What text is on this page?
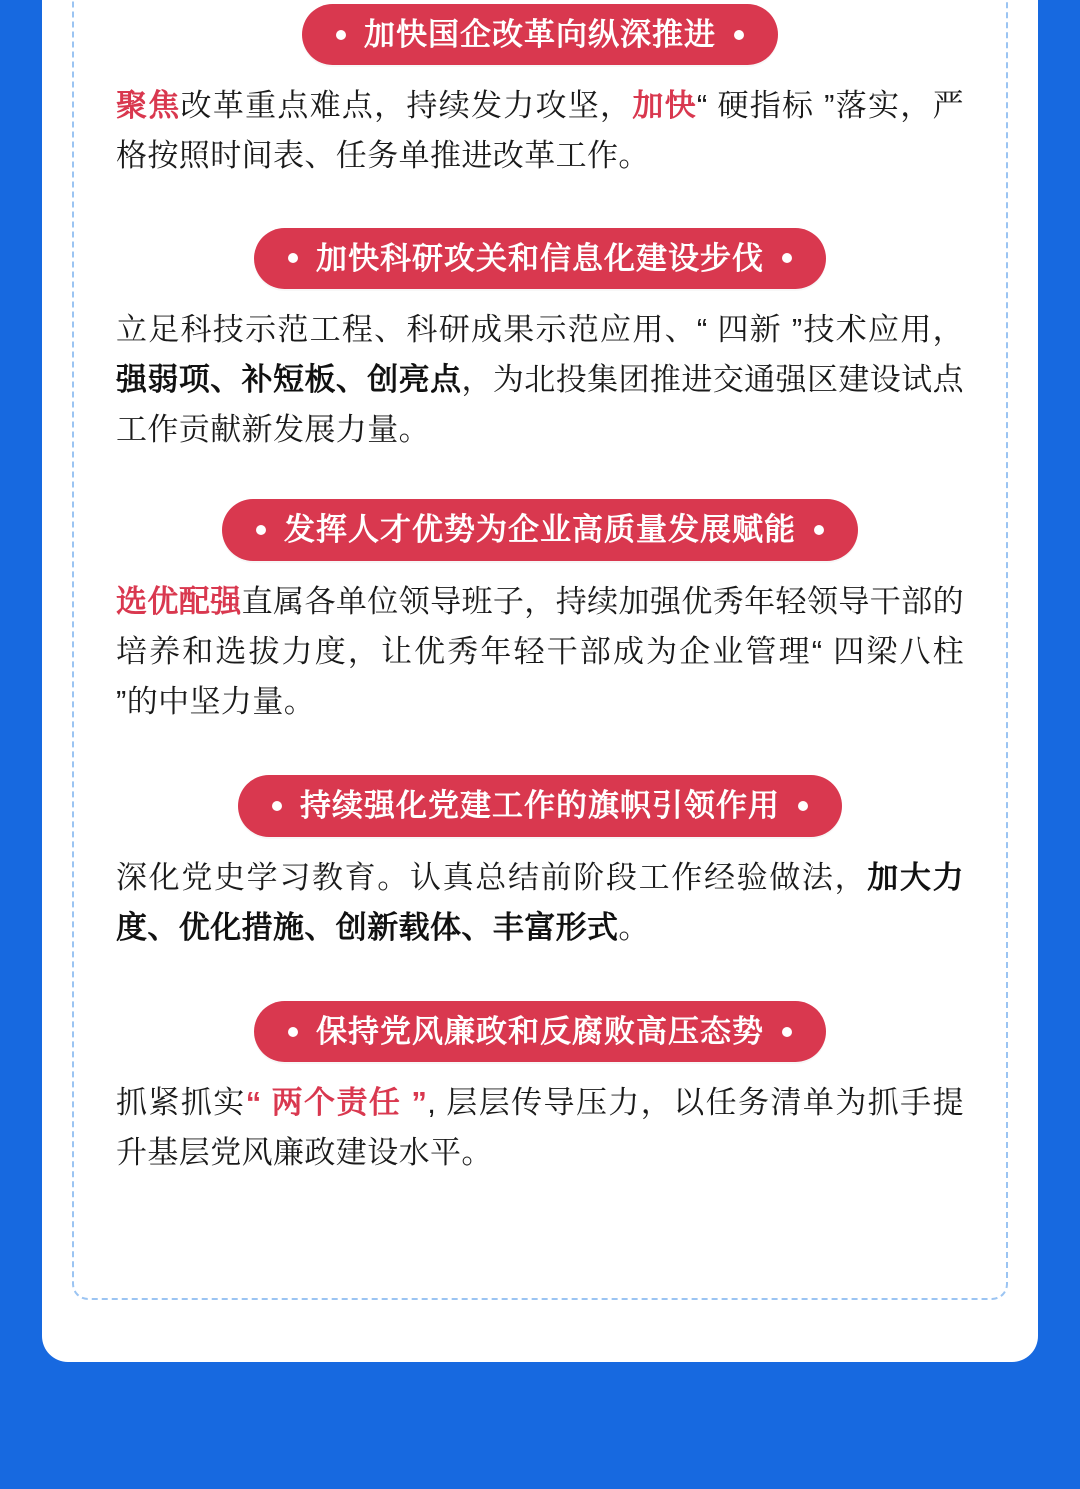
加快国企改革向纵深推进

聚焦改革重点难点，持续发力攻坚，加快“ 硬指标 ”落实，严格按照时间表、任务单推进改革工作。

加快科研攻关和信息化建设步伐

立足科技示范工程、科研成果示范应用、“ 四新 ”技术应用，强弱项、补短板、创亮点，为北投集团推进交通强区建设试点工作贡献新发展力量。

发挥人才优势为企业高质量发展赋能

选优配强直属各单位领导班子，持续加强优秀年轻领导干部的培养和选拔力度，让优秀年轻干部成为企业管理“ 四梁八柱 ”的中坚力量。

持续强化党建工作的旗帜引领作用

深化党史学习教育。认真总结前阶段工作经验做法，加大力度、优化措施、创新载体、丰富形式。

保持党风廉政和反腐败高压态势

抓紧抓实“ 两个责任 ”, 层层传导压力，以任务清单为抓手提升基层党风廉政建设水平。
